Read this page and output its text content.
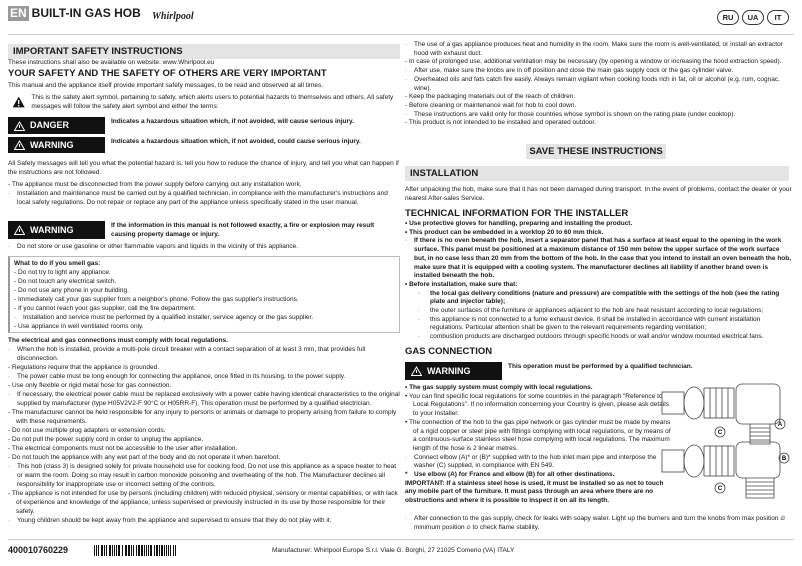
EN BUILT-IN GAS HOB Whirlpool	RU UA IT
IMPORTANT SAFETY INSTRUCTIONS
These instructions shall also be available on website: www.Whirlpool.eu
YOUR SAFETY AND THE SAFETY OF OTHERS ARE VERY IMPORTANT
This manual and the appliance itself provide important safety messages, to be read and observed at all times.
This is the safety alert symbol, pertaining to safety, which alerts users to potential hazards to themselves and others. All safety messages will follow the safety alert symbol and either the terms:
DANGER	Indicates a hazardous situation which, if not avoided, will cause serious injury.
WARNING	Indicates a hazardous situation which, if not avoided, could cause serious injury.
All Safety messages will tell you what the potential hazard is, tell you how to reduce the chance of injury, and tell you what can happen if the instructions are not followed.
- The appliance must be disconnected from the power supply before carrying out any installation work.
- Installation and maintenance must be carried out by a qualified technician, in compliance with the manufacturer's instructions and local safety regulations. Do not repair or replace any part of the appliance unless specifically stated in the user manual.
WARNING	If the information in this manual is not followed exactly, a fire or explosion may result causing property damage or injury.
- Do not store or use gasoline or other flammable vapors and liquids in the vicinity of this appliance.
What to do if you smell gas:
- Do not try to light any appliance.
- Do not touch any electrical switch.
- Do not use any phone in your building.
- Immediately call your gas supplier from a neighbor's phone. Follow the gas supplier's instructions.
- If you cannot reach your gas supplier, call the fire department.
- Installation and service must be performed by a qualified installer, service agency or the gas supplier.
- Use appliance in well ventilated rooms only.
The electrical and gas connections must comply with local regulations.
- When the hob is installed, provide a multi-pole circuit breaker with a contact separation of at least 3 mm, that provides full disconnection.
- Regulations require that the appliance is grounded.
- The power cable must be long enough for connecting the appliance, once fitted in its housing, to the power supply.
- Use only flexible or rigid metal hose for gas connection.
- If necessary, the electrical power cable must be replaced exclusively with a power cable having identical characteristics to the original supplied by manufacturer (type H05V2V2-F 90°C or H05RR-F). This operation must be performed by a qualified electrician.
- The manufacturer cannot be held responsible for any injury to persons or animals or damage to property arising from failure to comply with these requirements.
- Do not use multiple plug adapters or extension cords.
- Do not pull the power supply cord in order to unplug the appliance.
- The electrical components must not be accessible to the user after installation.
- Do not touch the appliance with any wet part of the body and do not operate it when barefoot.
- This hob (class 3) is designed solely for private household use for cooking food. Do not use this appliance as a space heater to heat or warm the room. Doing so may result in carbon monoxide poisoning and overheating of the hob. The Manufacturer declines all responsibility for inappropriate use or incorrect setting of the controls.
- The appliance is not intended for use by persons (including children) with reduced physical, sensory or mental capabilities, or with lack of experience and knowledge of the appliance, unless supervised or previously instructed in its use by those responsible for their safety.
- Young children should be kept away from the appliance and supervised to ensure that they do not play with it.
- The use of a gas appliance produces heat and humidity in the room. Make sure the room is well-ventilated, or install an extractor hood with exhaust duct.
- In case of prolonged use, additional ventilation may be necessary (by opening a window or increasing the hood extraction speed).
- After use, make sure the knobs are in off position and close the main gas supply cock or the gas cylinder valve.
- Overheated oils and fats catch fire easily. Always remain vigilant when cooking foods rich in fat, oil or alcohol (e.g. rum, cognac, wine).
- Keep the packaging materials out of the reach of children.
- Before cleaning or maintenance wait for hob to cool down.
- These instructions are valid only for those countries whose symbol is shown on the rating plate (under cooktop).
- This product is not intended to be installed and operated outdoor.
SAVE THESE INSTRUCTIONS
INSTALLATION
After unpacking the hob, make sure that it has not been damaged during transport. In the event of problems, contact the dealer or your nearest After-sales Service.
TECHNICAL INFORMATION FOR THE INSTALLER
• Use protective gloves for handling, preparing and installing the product.
• This product can be embedded in a worktop 20 to 60 mm thick.
- If there is no oven beneath the hob, insert a separator panel that has a surface at least equal to the opening in the work surface. This panel must be positioned at a maximum distance of 150 mm below the upper surface of the work surface but, in no case less than 20 mm from the bottom of the hob. In the case that you intend to install an oven beneath the hob, make sure that it is equipped with a cooling system. The manufacturer declines all liability if another brand oven is installed beneath the hob.
• Before installation, make sure that:
- the local gas delivery conditions (nature and pressure) are compatible with the settings of the hob (see the rating plate and injector table);
- the outer surfaces of the furniture or appliances adjacent to the hob are heat resistant according to local regulations;
- this appliance is not connected to a fume exhaust device. It shall be installed in accordance with current installation regulations. Particular attention shall be given to the relevant requirements regarding ventilation;
- combustion products are discharged outdoors through specific hoods or wall and/or window mounted electrical fans.
GAS CONNECTION
WARNING	This operation must be performed by a qualified technician.
• The gas supply system must comply with local regulations.
• You can find specific local regulations for some countries in the paragraph "Reference to Local Regulations". If no information concerning your Country is given, please ask details to your Installer.
• The connection of the hob to the gas pipe network or gas cylinder must be made by means of a rigid copper or steel pipe with fittings complying with local regulations, or by means of a continuous-surface stainless steel hose complying with local regulations. The maximum length of the hose is 2 linear metres.
- Connect elbow (A)* or (B)* supplied with to the hob inlet main pipe and interpose the washer (C) supplied, in compliance with EN 549.
* Use elbow (A) for France and elbow (B) for all other destinations.
IMPORTANT: If a stainless steel hose is used, it must be installed so as not to touch any mobile part of the furniture. It must pass through an area where there are no obstructions and where it is possible to inspect it on all its length.
A
C
C
B
- After connection to the gas supply, check for leaks with soapy water. Light up the burners and turn the knobs from max position 🔥︎ minimum position 🔥︎ to check flame stability.
400010760229	Manufacturer: Whirlpool Europe S.r.l. Viale G. Borghi, 27 21025 Comerio (VA) ITALY
